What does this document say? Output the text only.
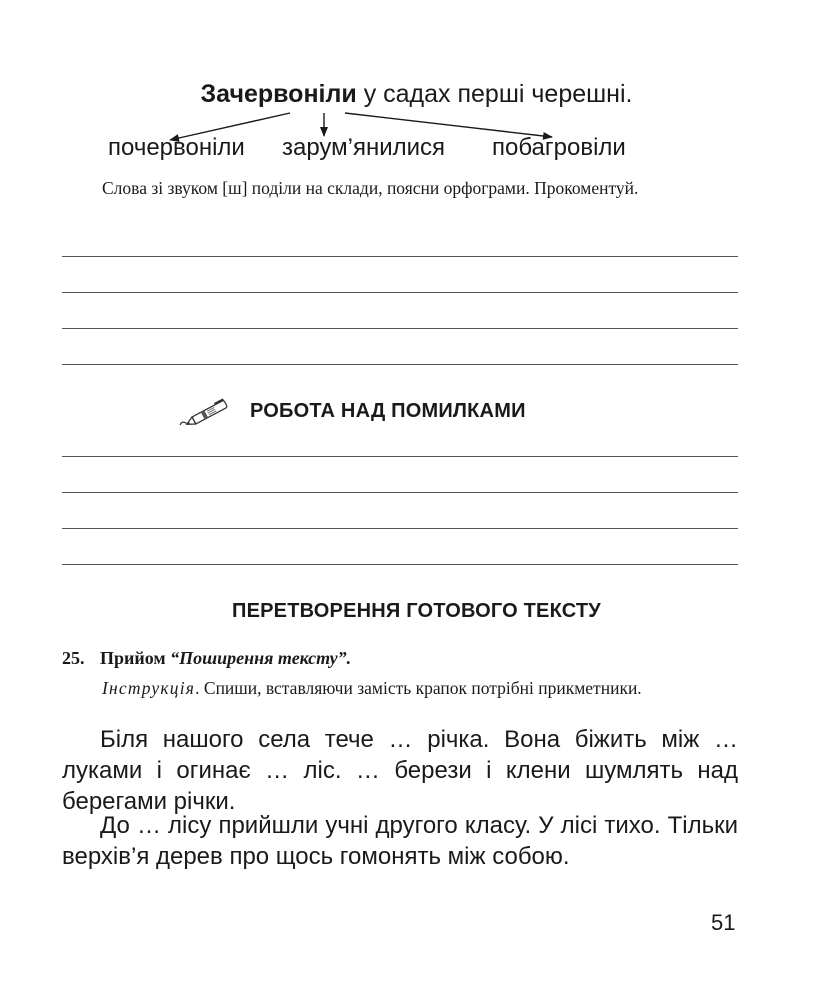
Зачервоніли у садах перші черешні.
почервоніли зарум’янилися побагровіли
Слова зі звуком [ш] поділи на склади, поясни орфограми. Прокоментуй.
РОБОТА НАД ПОМИЛКАМИ
ПЕРЕТВОРЕННЯ ГОТОВОГО ТЕКСТУ
25. Прийом “Поширення тексту”.
Інструкція. Спиши, вставляючи замість крапок потрібні прикметники.
Біля нашого села тече … річка. Вона біжить між … луками і огинає … ліс. … берези і клени шумлять над берегами річки.
До … лісу прийшли учні другого класу. У лісі тихо. Тільки верхів’я дерев про щось гомонять між собою.
51
